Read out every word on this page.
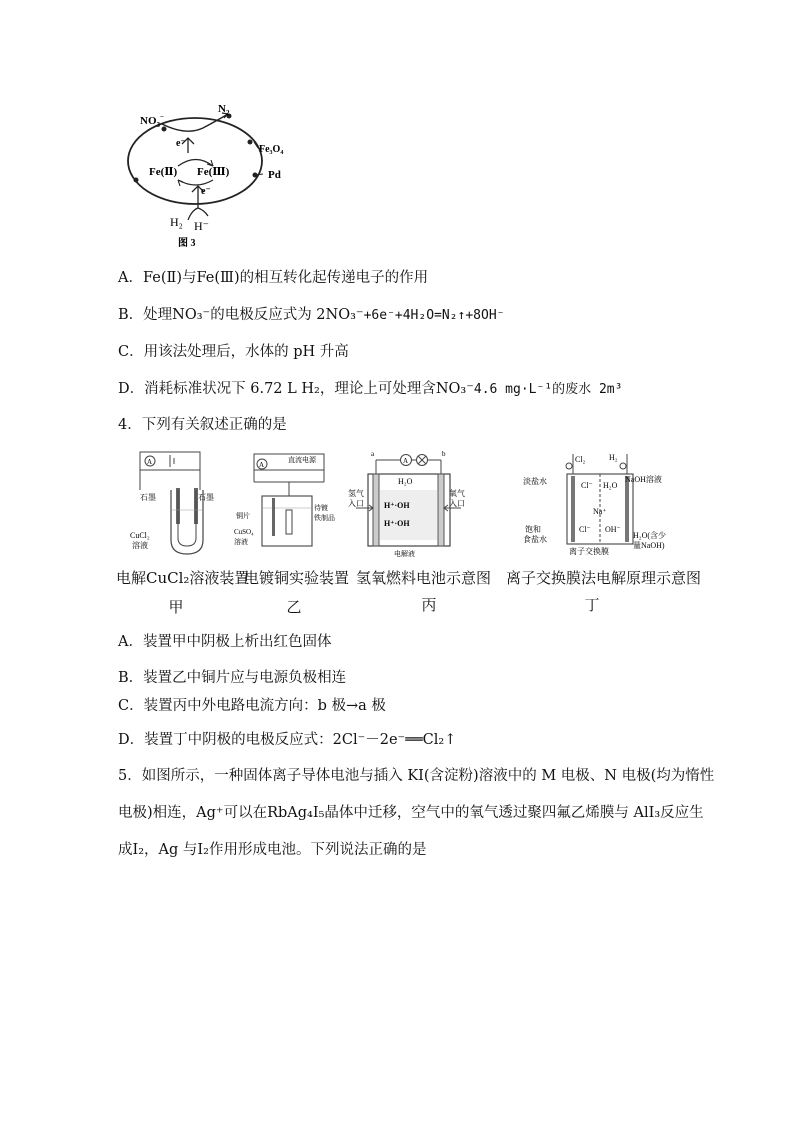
$NO_3^-$
$N_2$
Fe₃O₄
Pd
Fe(Ⅱ) Fe(Ⅲ)
e⁻
e⁻
H₂ H⁻
图 3
A．Fe(Ⅱ)与Fe(Ⅲ)的相互转化起传递电子的作用
B．处理NO₃⁻的电极反应式为 2NO₃⁻+6e⁻+4H₂O=N₂↑+8OH⁻
C．用该法处理后，水体的 pH 升高
D．消耗标准状况下 6.72 L H₂，理论上可处理含NO₃⁻4.6 mg·L⁻¹的废水 2m³
4．下列有关叙述正确的是
A
石墨	石墨
CuCl₂
溶液
电解CuCl₂溶液装置
甲
A
直流电源
铜片
待镀
铁制品
CuSO₄
溶液
电镀铜实验装置
乙
A
H₂O
H⁺·OH
H⁺·OH
氢气
入口
氧气
入口
a	b
电解液
氢氧燃料电池示意图
丙
Cl₂	H₂
淡盐水	NaOH溶液
Cl⁻ H₂O
Na⁺
Cl⁻ OH⁻
饱和
食盐水
离子交换膜
H₂O(含少
量NaOH)
离子交换膜法电解原理示意图
丁
A．装置甲中阴极上析出红色固体
B．装置乙中铜片应与电源负极相连
C．装置丙中外电路电流方向：b 极→a 极
D．装置丁中阴极的电极反应式：2Cl⁻－2e⁻══Cl₂↑
5．如图所示，一种固体离子导体电池与插入 KI(含淀粉)溶液中的 M 电极、N 电极(均为惰性
电极)相连，Ag⁺可以在RbAg₄I₅晶体中迁移，空气中的氧气透过聚四氟乙烯膜与 AlI₃反应生
成I₂，Ag 与I₂作用形成电池。下列说法正确的是
